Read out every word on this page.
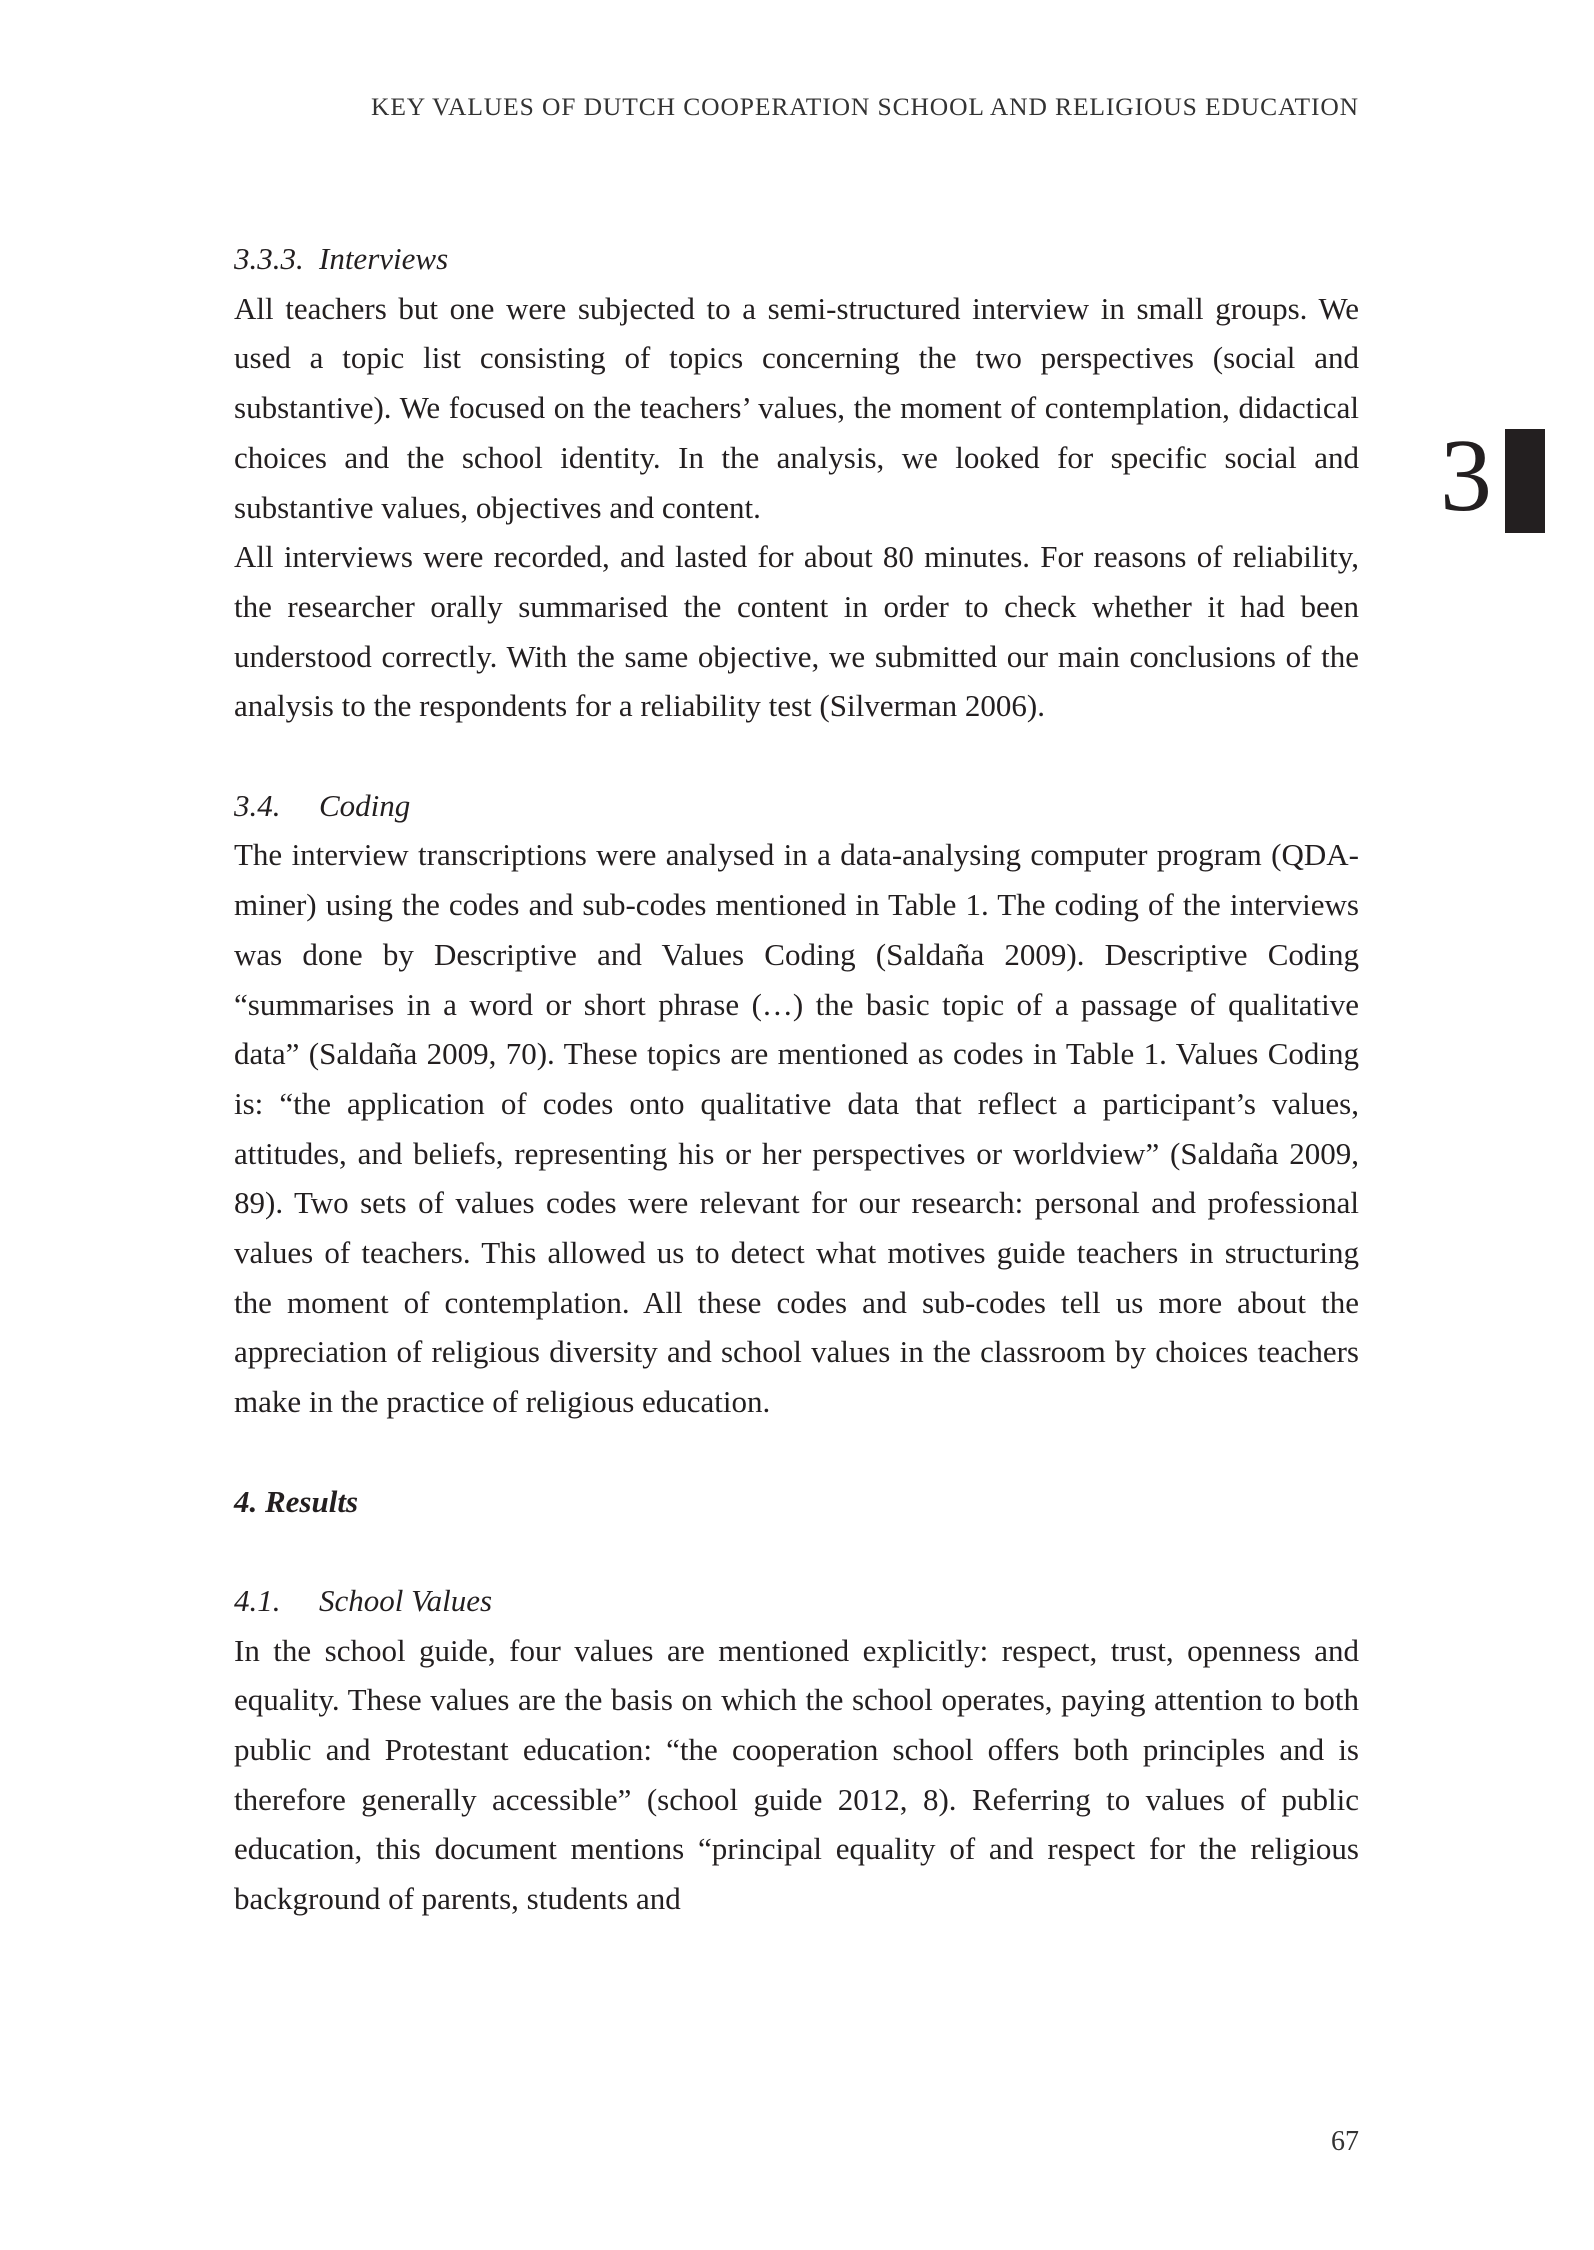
KEY VALUES OF DUTCH COOPERATION SCHOOL AND RELIGIOUS EDUCATION
3
3.3.3. Interviews

All teachers but one were subjected to a semi-structured interview in small groups. We used a topic list consisting of topics concerning the two perspectives (social and substantive). We focused on the teachers’ values, the moment of contemplation, didactical choices and the school identity. In the analysis, we looked for specific social and substantive values, objectives and content.

All interviews were recorded, and lasted for about 80 minutes. For reasons of reliability, the researcher orally summarised the content in order to check whether it had been understood correctly. With the same objective, we submitted our main conclusions of the analysis to the respondents for a reliability test (Silverman 2006).

3.4. Coding

The interview transcriptions were analysed in a data-analysing computer program (QDA-miner) using the codes and sub-codes mentioned in Table 1. The coding of the interviews was done by Descriptive and Values Coding (Saldaña 2009). Descriptive Coding “summarises in a word or short phrase (…) the basic topic of a passage of qualitative data” (Saldaña 2009, 70). These topics are mentioned as codes in Table 1. Values Coding is: “the application of codes onto qualitative data that reflect a participant’s values, attitudes, and beliefs, representing his or her perspectives or worldview” (Saldaña 2009, 89). Two sets of values codes were relevant for our research: personal and professional values of teachers. This allowed us to detect what motives guide teachers in structuring the moment of contemplation. All these codes and sub-codes tell us more about the appreciation of religious diversity and school values in the classroom by choices teachers make in the practice of religious education.

4. Results
4.1. School Values

In the school guide, four values are mentioned explicitly: respect, trust, openness and equality. These values are the basis on which the school operates, paying attention to both public and Protestant education: “the cooperation school offers both principles and is therefore generally accessible” (school guide 2012, 8). Referring to values of public education, this document mentions “principal equality of and respect for the religious background of parents, students and

67
